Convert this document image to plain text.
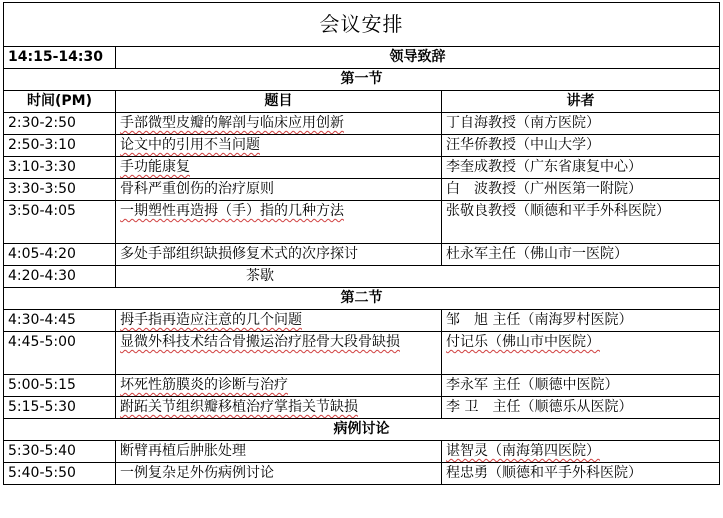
会议安排		
14:15-14:30	领导致辞	
第一节		
时间(PM)	题目	讲者
2:30-2:50	手部微型皮瓣的解剖与临床应用创新	丁自海教授（南方医院）
2:50-3:10	论文中的引用不当问题	汪华侨教授（中山大学）
3:10-3:30	手功能康复	李奎成教授（广东省康复中心）
3:30-3:50	骨科严重创伤的治疗原则	白　波教授（广州医第一附院）
3:50-4:05	一期塑性再造拇（手）指的几种方法	张敬良教授（顺德和平手外科医院）
4:05-4:20	多处手部组织缺损修复术式的次序探讨	杜永军主任（佛山市一医院）
4:20-4:30	茶歇	
第二节		
4:30-4:45	拇手指再造应注意的几个问题	邹　旭 主任（南海罗村医院）
4:45-5:00	显微外科技术结合骨搬运治疗胫骨大段骨缺损	付记乐（佛山市中医院）
5:00-5:15	坏死性筋膜炎的诊断与治疗	李永军 主任（顺德中医院）
5:15-5:30	跗跖关节组织瓣移植治疗掌指关节缺损	李 卫　主任（顺德乐从医院）
病例讨论		
5:30-5:40	断臂再植后肿胀处理	谌智灵（南海第四医院）
5:40-5:50	一例复杂足外伤病例讨论	程忠勇（顺德和平手外科医院）
